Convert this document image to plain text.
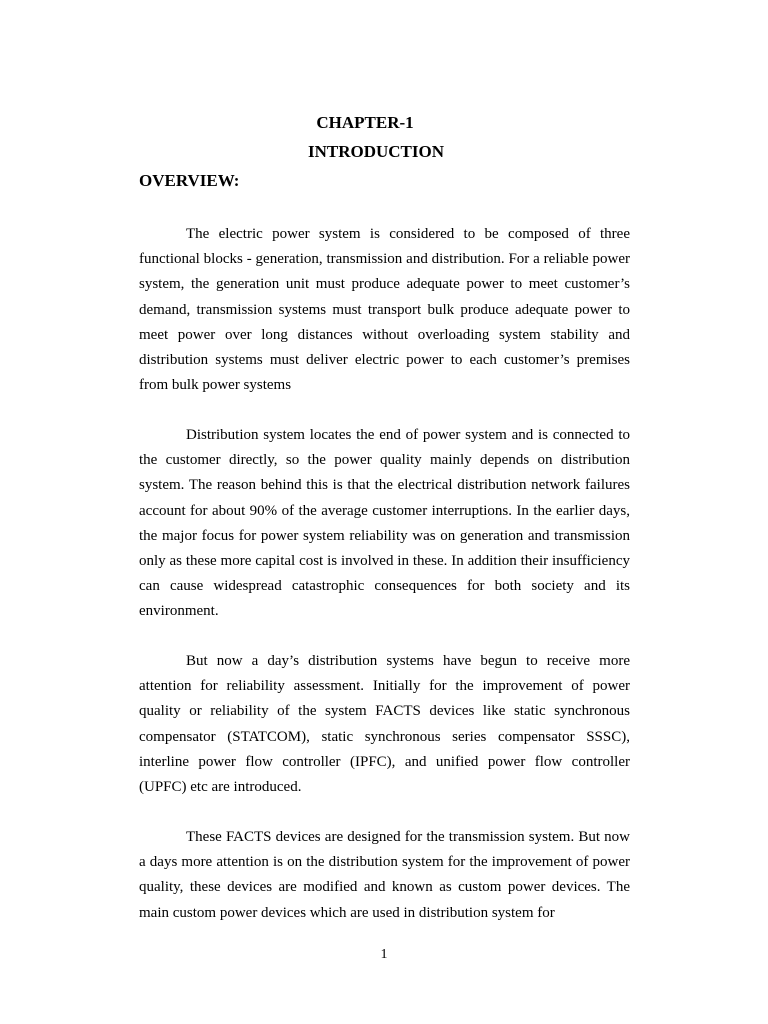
CHAPTER-1
INTRODUCTION
OVERVIEW:

The electric power system is considered to be composed of three functional blocks - generation, transmission and distribution. For a reliable power system, the generation unit must produce adequate power to meet customer’s demand, transmission systems must transport bulk produce adequate power to meet power over long distances without overloading system stability and distribution systems must deliver electric power to each customer’s premises from bulk power systems

Distribution system locates the end of power system and is connected to the customer directly, so the power quality mainly depends on distribution system. The reason behind this is that the electrical distribution network failures account for about 90% of the average customer interruptions. In the earlier days, the major focus for power system reliability was on generation and transmission only as these more capital cost is involved in these. In addition their insufficiency can cause widespread catastrophic consequences for both society and its environment.

But now a day’s distribution systems have begun to receive more attention for reliability assessment. Initially for the improvement of power quality or reliability of the system FACTS devices like static synchronous compensator (STATCOM), static synchronous series compensator SSSC), interline power flow controller (IPFC), and unified power flow controller (UPFC) etc are introduced.

These FACTS devices are designed for the transmission system. But now a days more attention is on the distribution system for the improvement of power quality, these devices are modified and known as custom power devices. The main custom power devices which are used in distribution system for

1
